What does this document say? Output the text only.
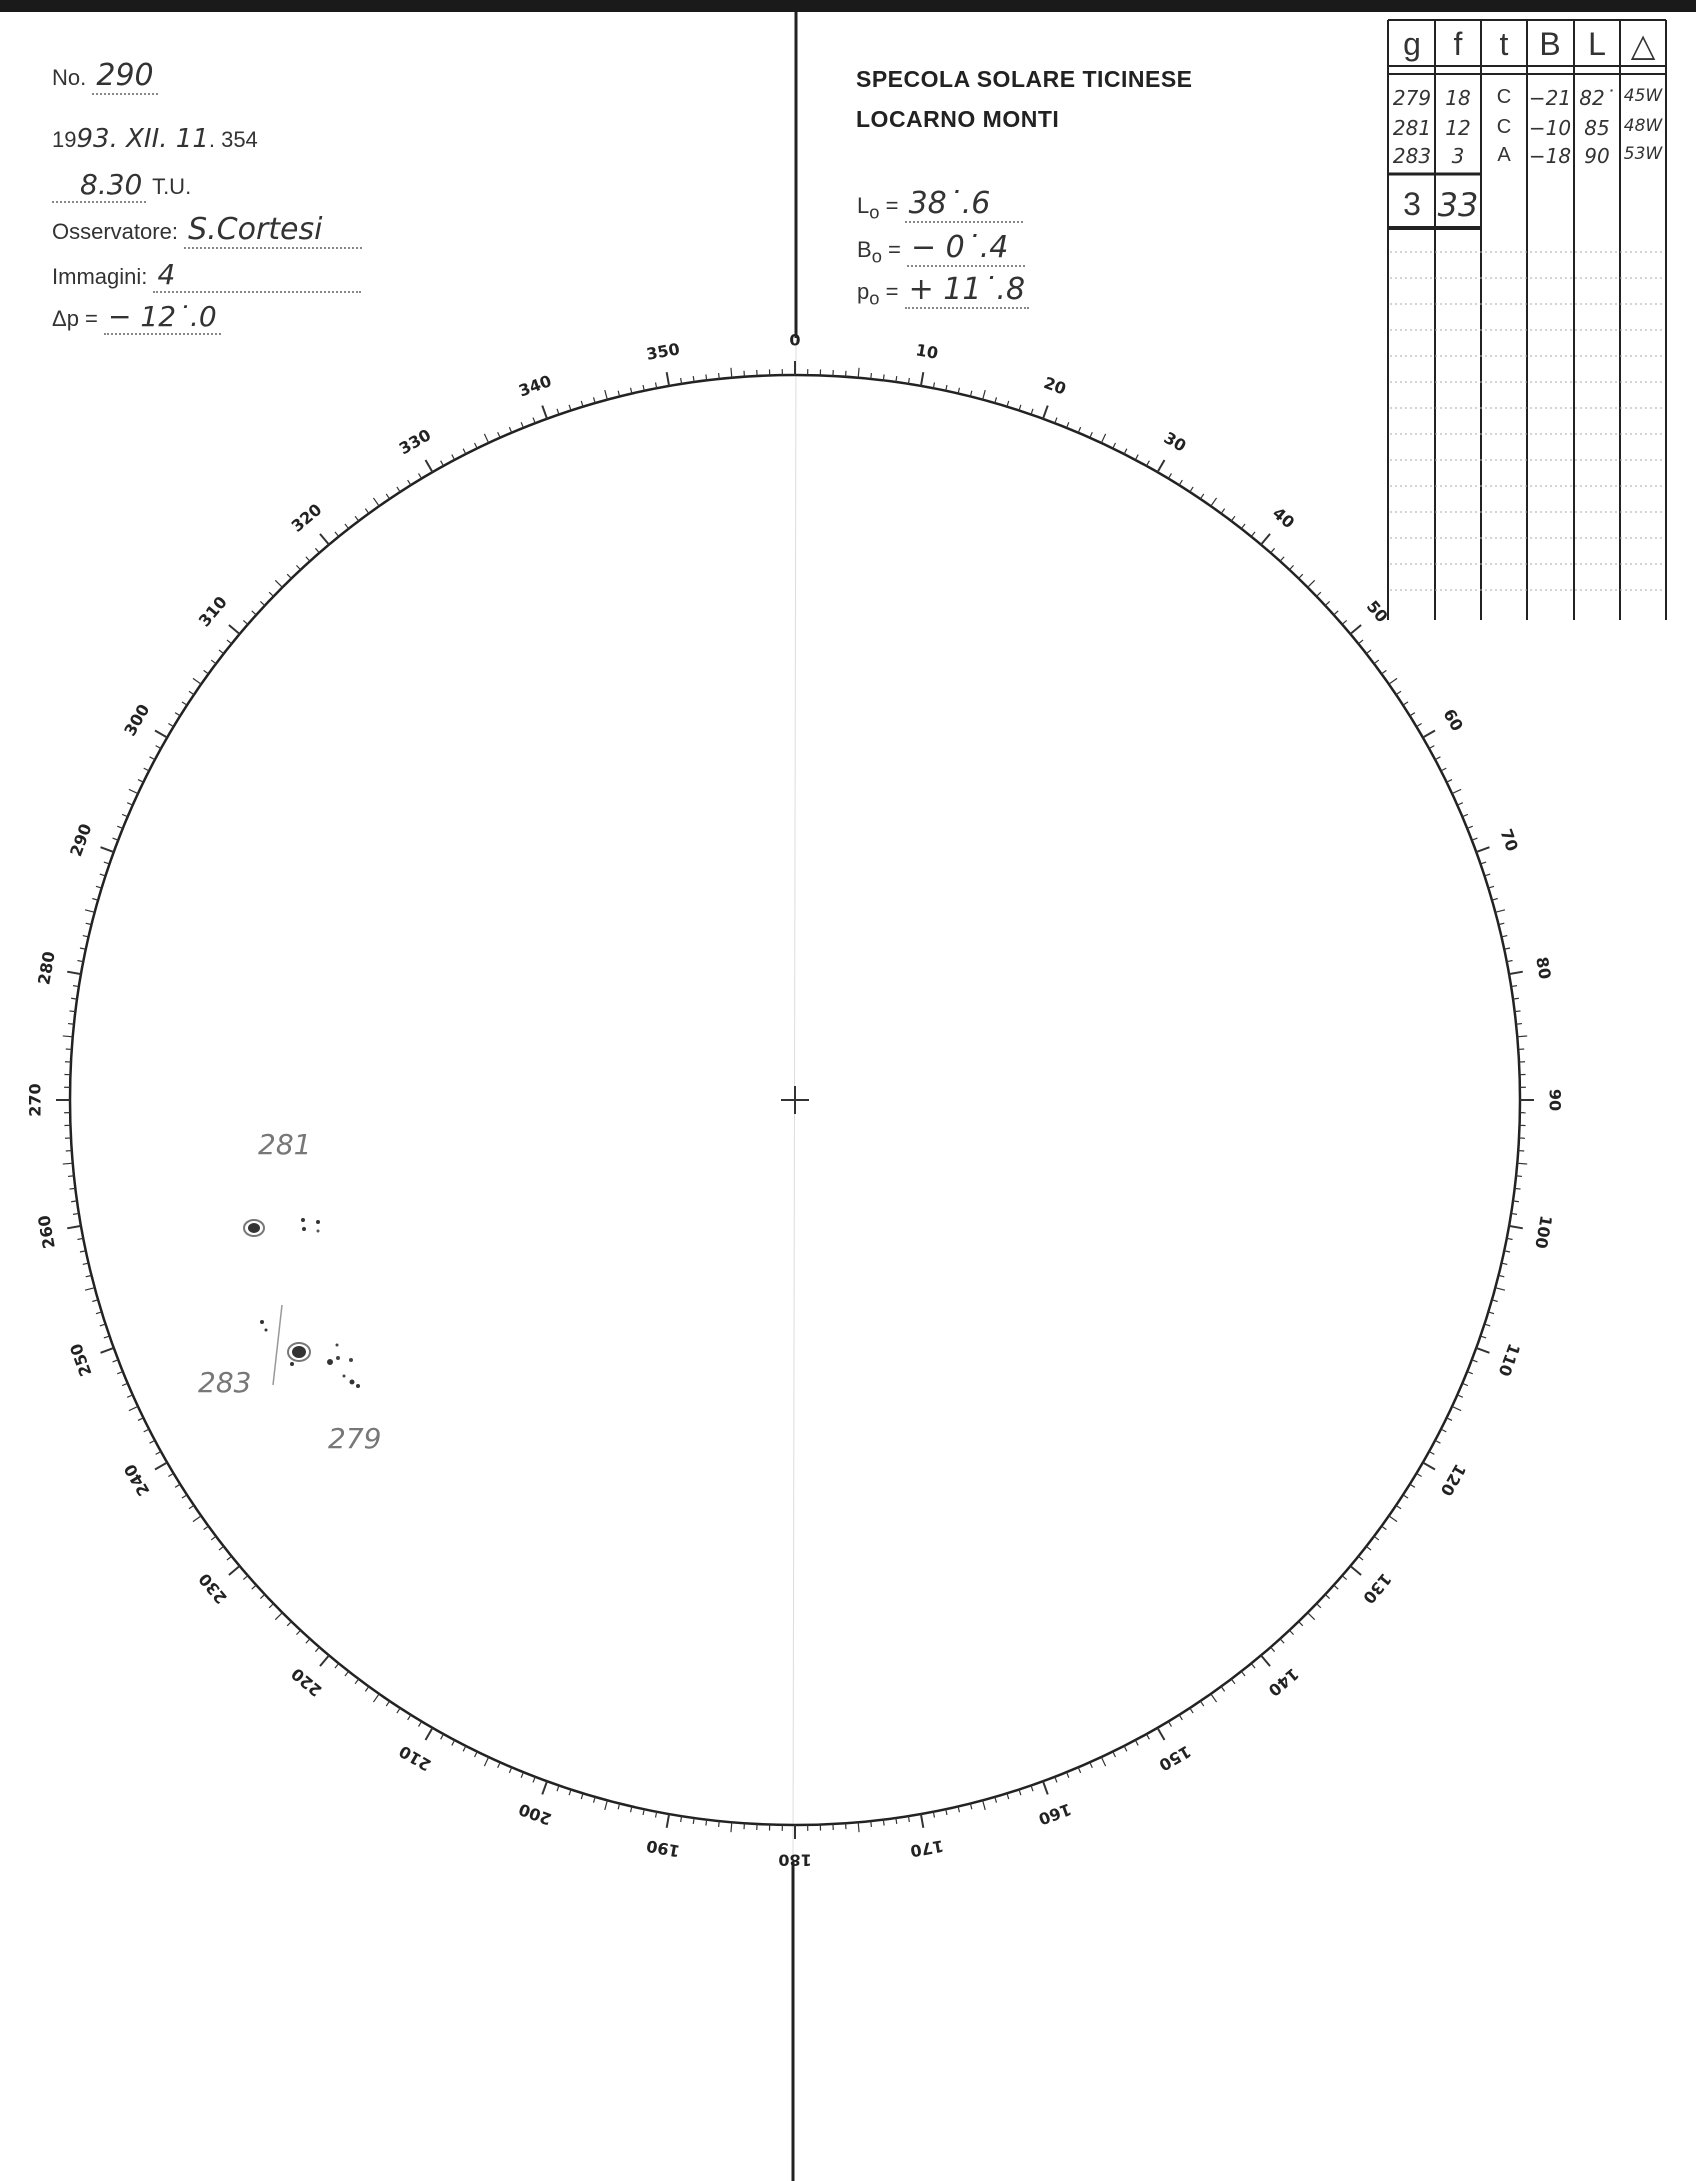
No. 290
1993. XII. 11. 354
8.30 T.U.
Osservatore: S.Cortesi
Immagini: 4
Δp = − 12˙.0
SPECOLA SOLARE TICINESE
LOCARNO MONTI
$L_o$ = 38˙.6
$B_o$ = − 0˙.4
$p_o$ = + 11˙.8
0
10
20
30
40
50
60
70
80
90
100
110
120
130
140
150
160
170
180
190
200
210
220
230
240
250
260
270
280
290
300
310
320
330
340
350
g	f	t B L △
279 18	C −21 82˙ 45W
281 12	C −10 85 48W
283	3	A −18 90 53W
3 33
281
283
279
